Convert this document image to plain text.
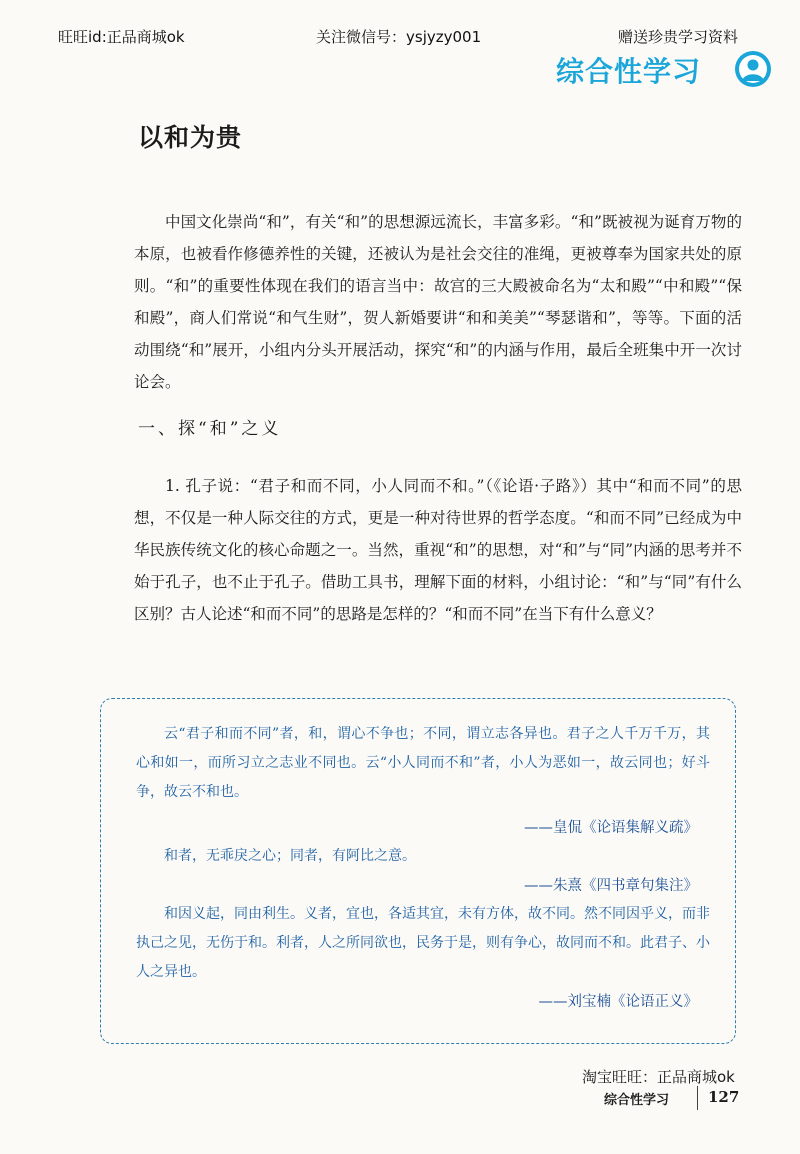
旺旺id:正品商城ok	关注微信号：ysjyzy001	赠送珍贵学习资料
综合性学习
以和为贵

中国文化崇尚“和”，有关“和”的思想源远流长，丰富多彩。“和”既被视为诞育万物的本原，也被看作修德养性的关键，还被认为是社会交往的准绳，更被尊奉为国家共处的原则。“和”的重要性体现在我们的语言当中：故宫的三大殿被命名为“太和殿”“中和殿”“保和殿”，商人们常说“和气生财”，贺人新婚要讲“和和美美”“琴瑟谐和”，等等。下面的活动围绕“和”展开，小组内分头开展活动，探究“和”的内涵与作用，最后全班集中开一次讨论会。

一、探“和”之义

1. 孔子说：“君子和而不同，小人同而不和。”（《论语·子路》）其中“和而不同”的思想，不仅是一种人际交往的方式，更是一种对待世界的哲学态度。“和而不同”已经成为中华民族传统文化的核心命题之一。当然，重视“和”的思想，对“和”与“同”内涵的思考并不始于孔子，也不止于孔子。借助工具书，理解下面的材料，小组讨论：“和”与“同”有什么区别？古人论述“和而不同”的思路是怎样的？“和而不同”在当下有什么意义？

云“君子和而不同”者，和，谓心不争也；不同，谓立志各异也。君子之人千万千万，其心和如一，而所习立之志业不同也。云“小人同而不和”者，小人为恶如一，故云同也；好斗争，故云不和也。

——皇侃《论语集解义疏》

和者，无乖戾之心；同者，有阿比之意。

——朱熹《四书章句集注》

和因义起，同由利生。义者，宜也，各适其宜，未有方体，故不同。然不同因乎义，而非执己之见，无伤于和。利者，人之所同欲也，民务于是，则有争心，故同而不和。此君子、小人之异也。

——刘宝楠《论语正义》
淘宝旺旺：正品商城ok
综合性学习	127
